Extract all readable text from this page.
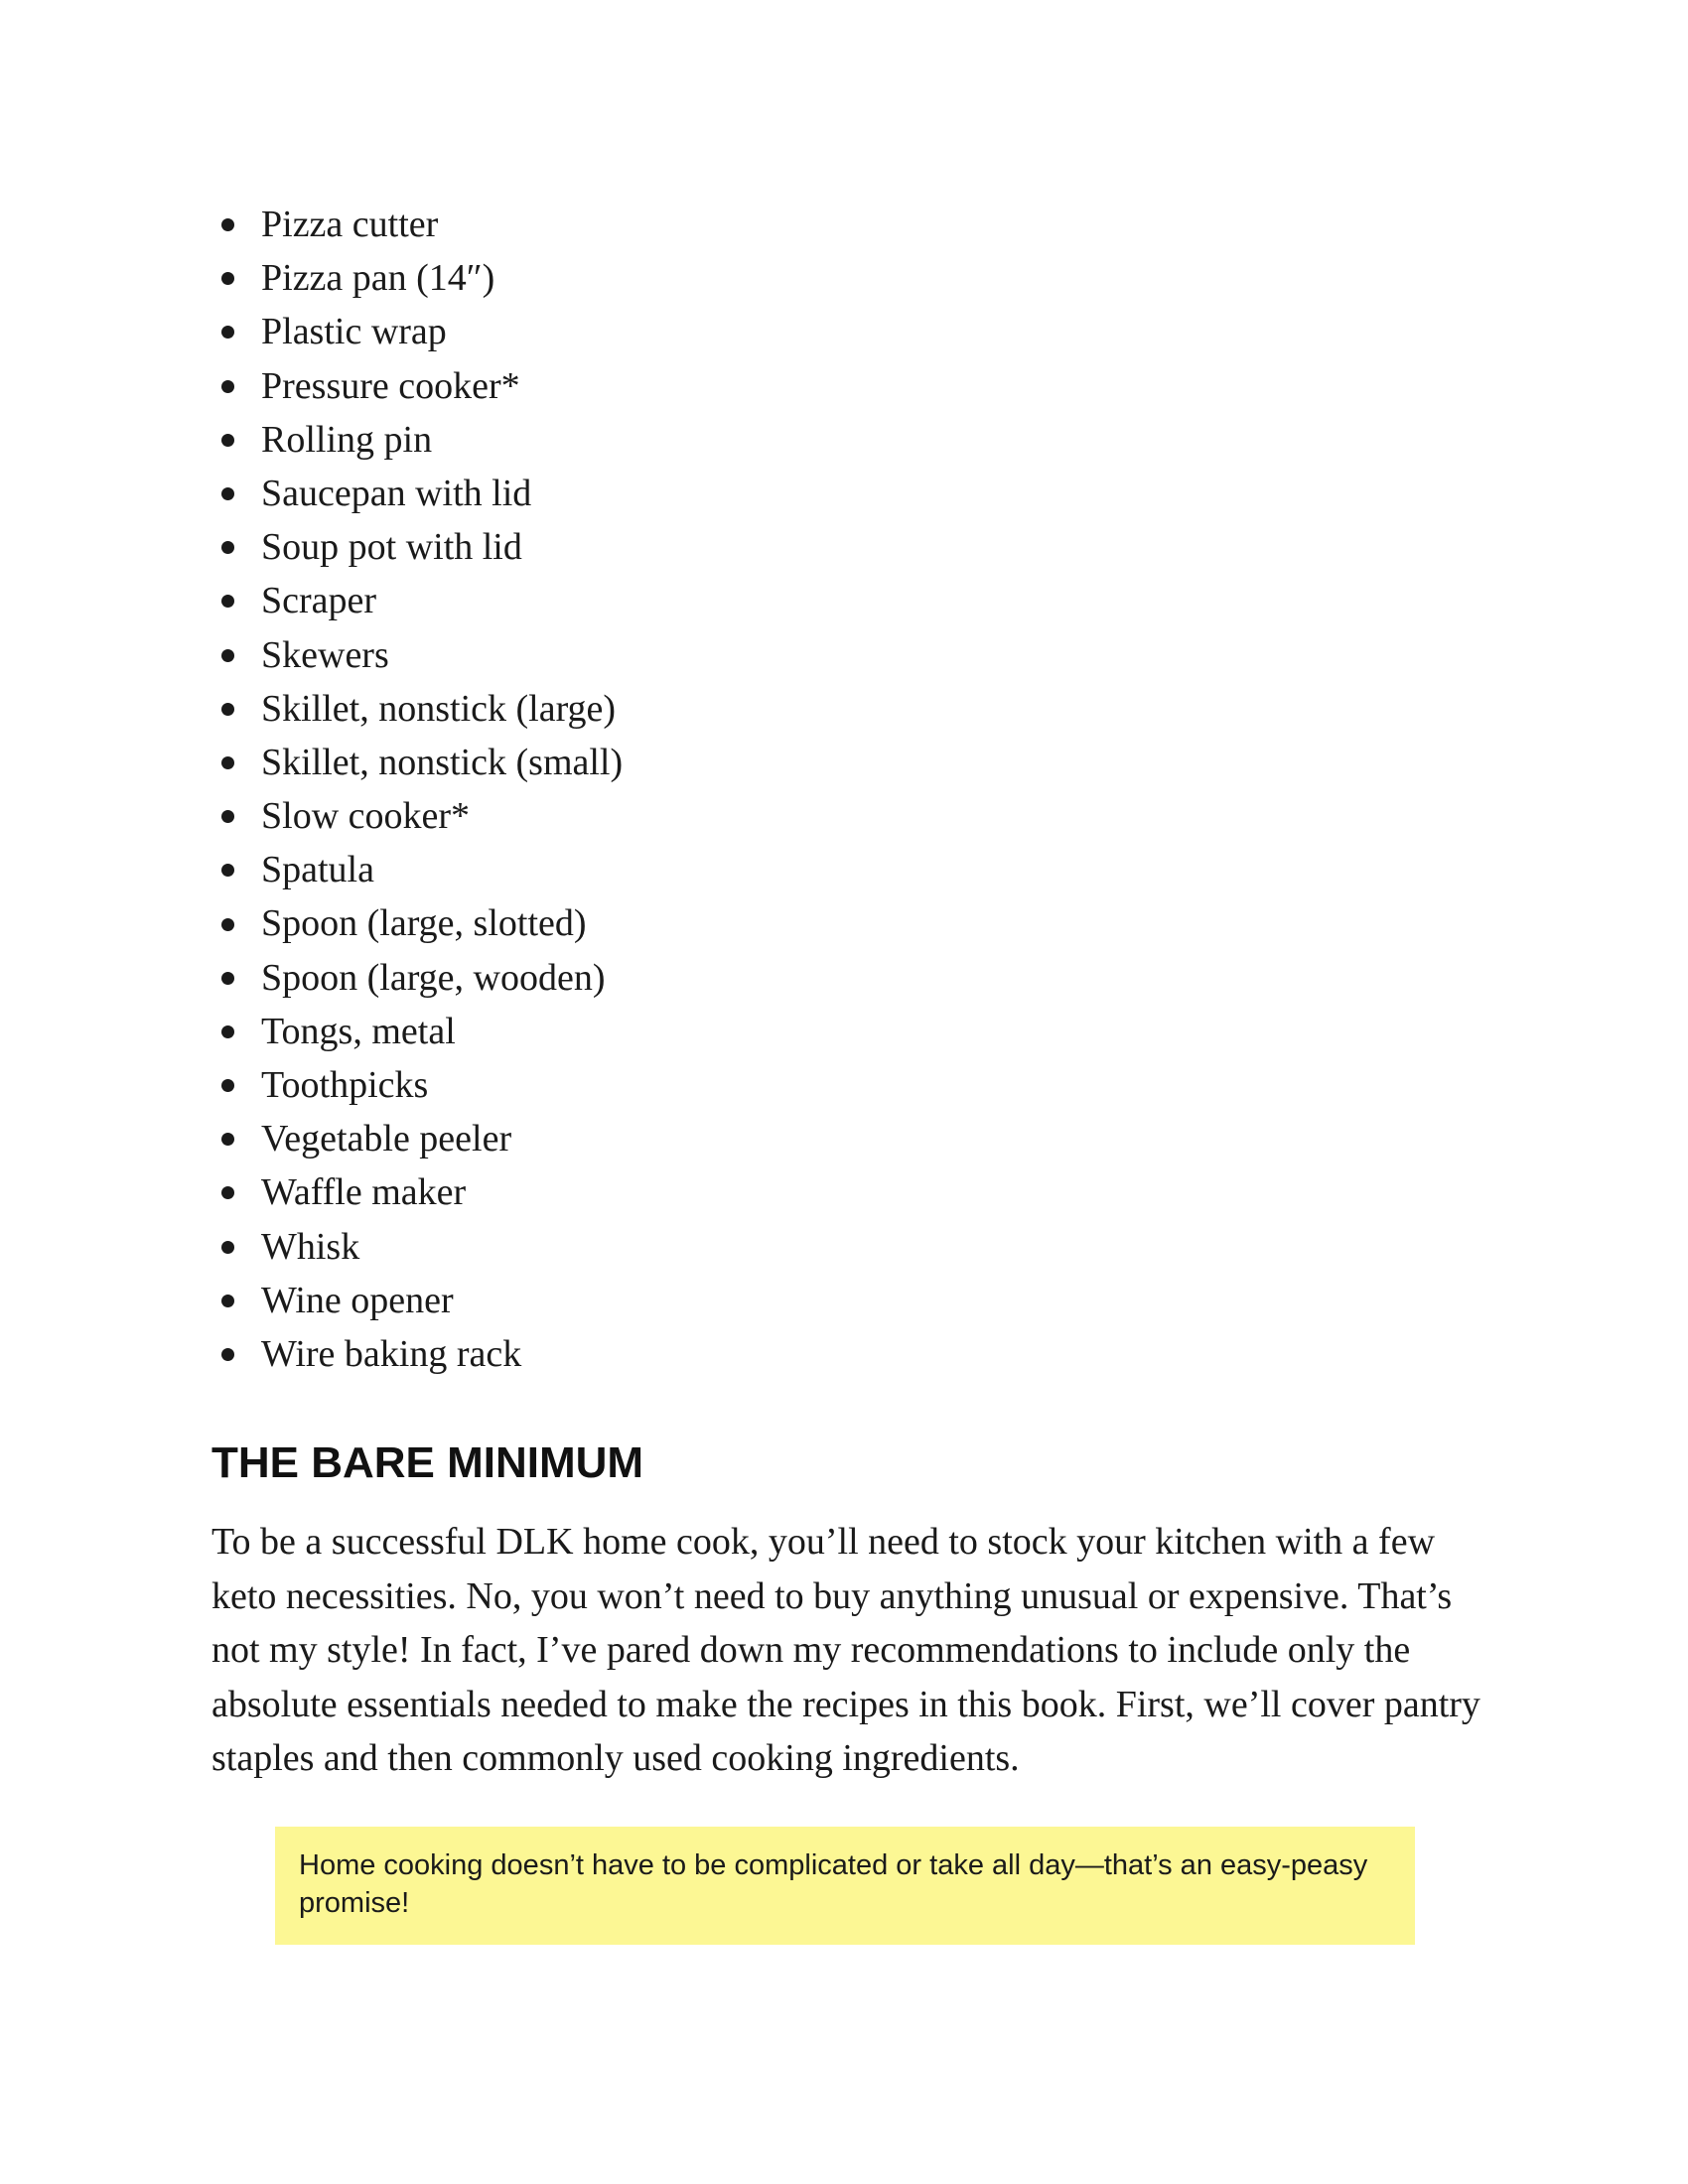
Pizza cutter
Pizza pan (14″)
Plastic wrap
Pressure cooker*
Rolling pin
Saucepan with lid
Soup pot with lid
Scraper
Skewers
Skillet, nonstick (large)
Skillet, nonstick (small)
Slow cooker*
Spatula
Spoon (large, slotted)
Spoon (large, wooden)
Tongs, metal
Toothpicks
Vegetable peeler
Waffle maker
Whisk
Wine opener
Wire baking rack
THE BARE MINIMUM

To be a successful DLK home cook, you’ll need to stock your kitchen with a few keto necessities. No, you won’t need to buy anything unusual or expensive. That’s not my style! In fact, I’ve pared down my recommendations to include only the absolute essentials needed to make the recipes in this book. First, we’ll cover pantry staples and then commonly used cooking ingredients.

Home cooking doesn’t have to be complicated or take all day—that’s an easy-peasy promise!
